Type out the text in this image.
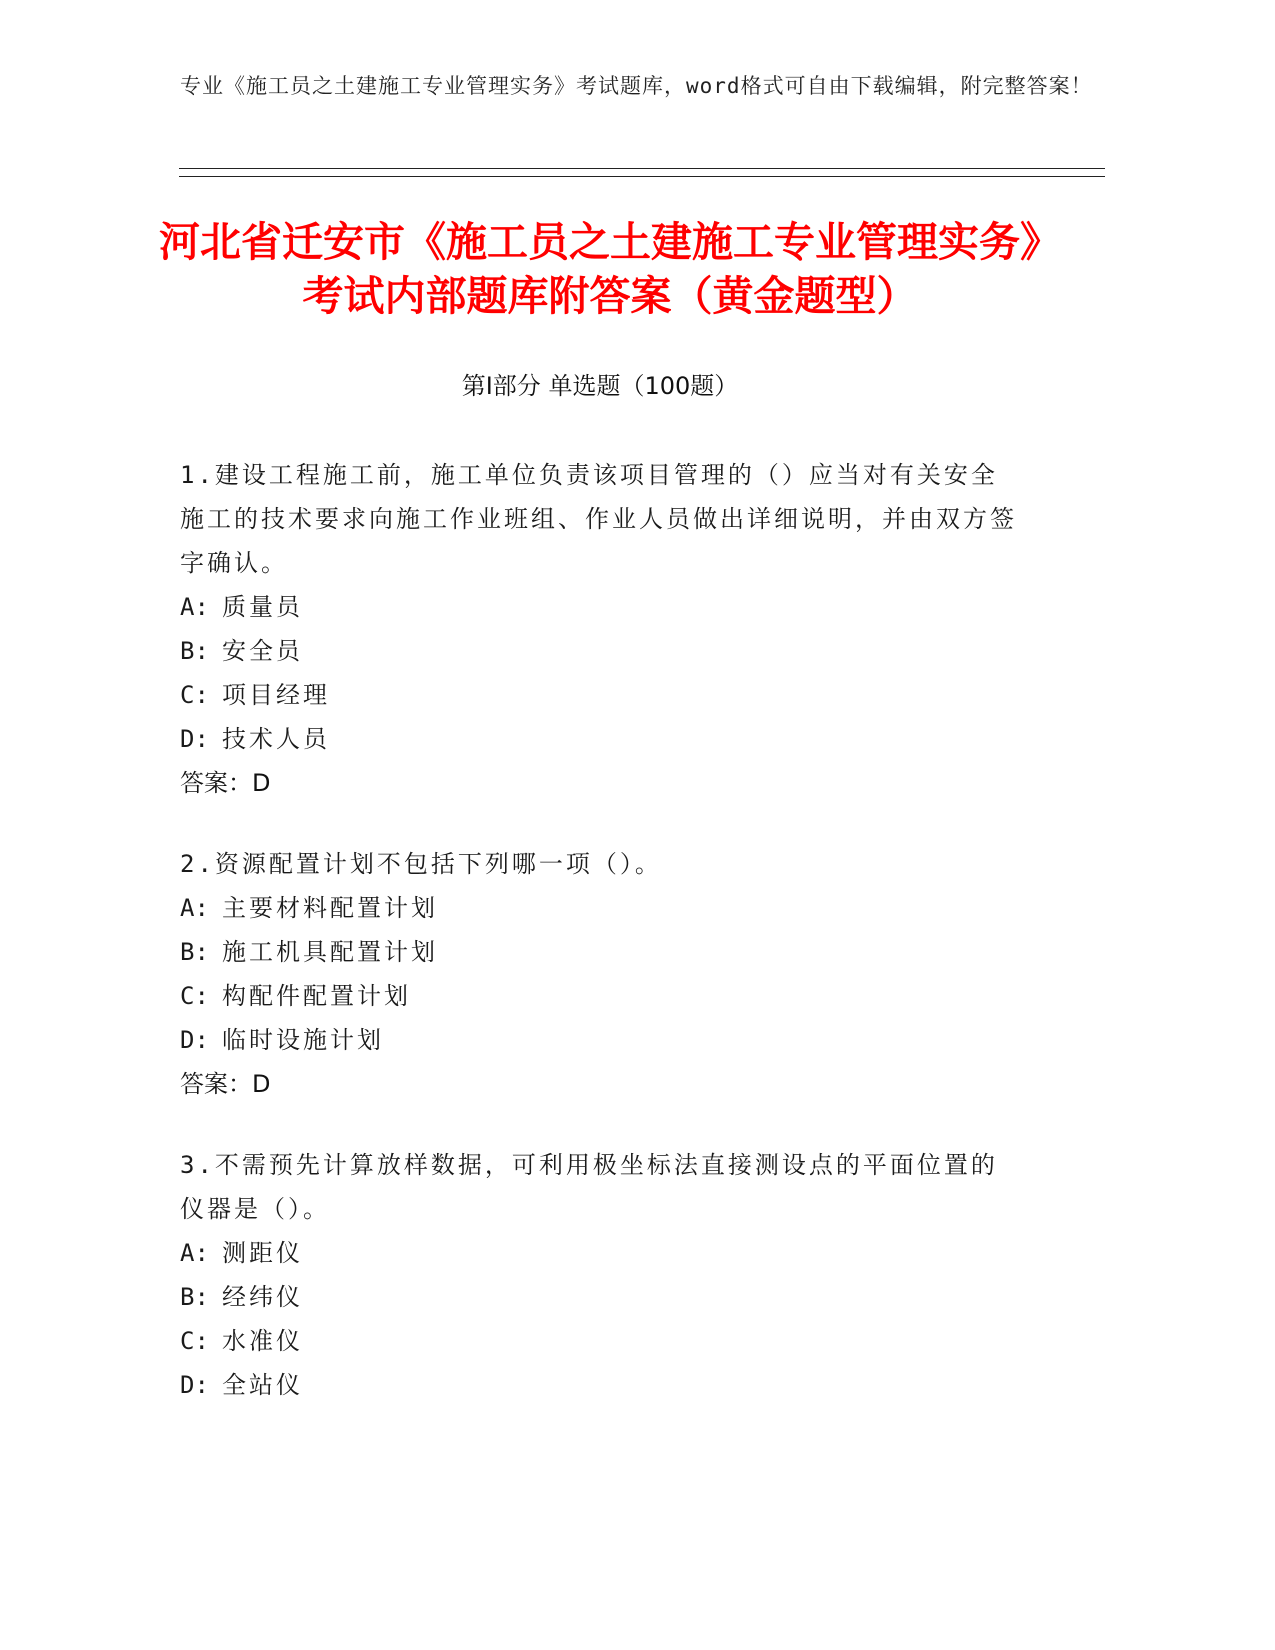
专业《施工员之土建施工专业管理实务》考试题库，word格式可自由下载编辑，附完整答案！
河北省迁安市《施工员之土建施工专业管理实务》考试内部题库附答案（黄金题型）
第I部分 单选题（100题）
1.建设工程施工前，施工单位负责该项目管理的（）应当对有关安全施工的技术要求向施工作业班组、作业人员做出详细说明，并由双方签字确认。
A: 质量员
B: 安全员
C: 项目经理
D: 技术人员
答案：D
2.资源配置计划不包括下列哪一项（）。
A: 主要材料配置计划
B: 施工机具配置计划
C: 构配件配置计划
D: 临时设施计划
答案：D
3.不需预先计算放样数据，可利用极坐标法直接测设点的平面位置的仪器是（）。
A: 测距仪
B: 经纬仪
C: 水准仪
D: 全站仪
